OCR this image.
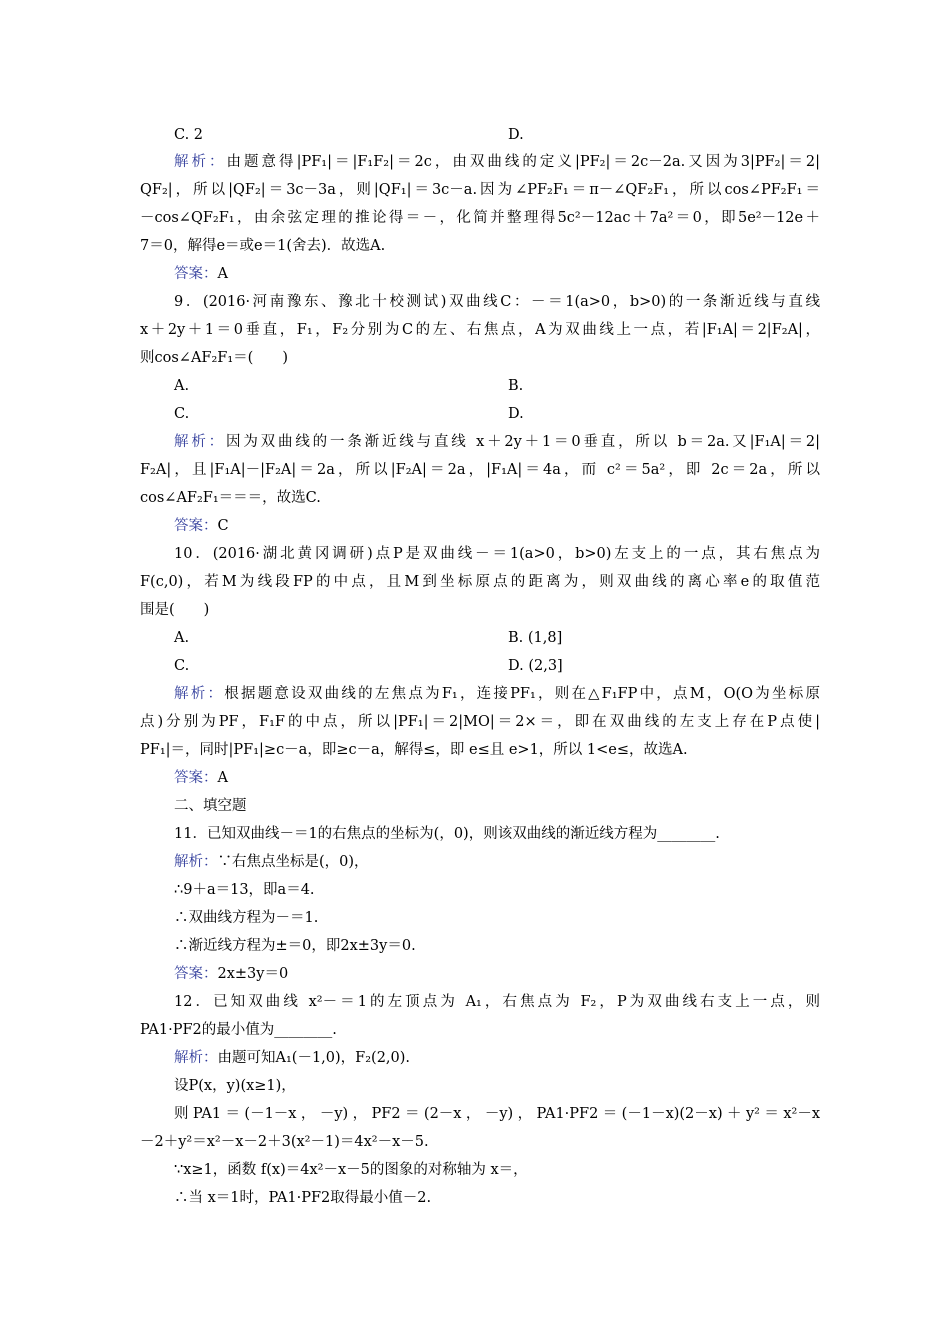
C. 2	D.
解析：由题意得|PF₁|＝|F₁F₂|＝2c，由双曲线的定义|PF₂|＝2c－2a.又因为3|PF₂|＝2|
QF₂|，所以|QF₂|＝3c－3a，则|QF₁|＝3c－a.因为∠PF₂F₁＝π－∠QF₂F₁，所以cos∠PF₂F₁＝
－cos∠QF₂F₁，由余弦定理的推论得＝－，化简并整理得5c²－12ac＋7a²＝0，即5e²－12e＋
7＝0，解得e＝或e＝1(舍去)．故选A.
答案：A
9．(2016·河南豫东、豫北十校测试)双曲线C：－＝1(a>0，b>0)的一条渐近线与直线
x＋2y＋1＝0垂直，F₁，F₂分别为C的左、右焦点，A为双曲线上一点，若|F₁A|＝2|F₂A|，
则cos∠AF₂F₁＝(　　)
A.	B.
C.	D.
解析：因为双曲线的一条渐近线与直线 x＋2y＋1＝0垂直，所以 b＝2a.又|F₁A|＝2|
F₂A|，且|F₁A|－|F₂A|＝2a，所以|F₂A|＝2a，|F₁A|＝4a，而 c²＝5a²，即 2c＝2a，所以
cos∠AF₂F₁＝＝＝，故选C.
答案：C
10．(2016·湖北黄冈调研)点P是双曲线－＝1(a>0，b>0)左支上的一点，其右焦点为
F(c,0)，若M为线段FP的中点，且M到坐标原点的距离为，则双曲线的离心率e的取值范
围是(　　)
A.	B. (1,8]
C.	D. (2,3]
解析：根据题意设双曲线的左焦点为F₁，连接PF₁，则在△F₁FP中，点M，O(O为坐标原
点)分别为PF，F₁F的中点，所以|PF₁|＝2|MO|＝2×＝，即在双曲线的左支上存在P点使|
PF₁|＝，同时|PF₁|≥c－a，即≥c－a，解得≤，即 e≤且 e>1，所以 1<e≤，故选A.
答案：A
二、填空题
11．已知双曲线－＝1的右焦点的坐标为(，0)，则该双曲线的渐近线方程为________.
解析：∵右焦点坐标是(，0)，
∴9＋a＝13，即a＝4.
∴双曲线方程为－＝1.
∴渐近线方程为±＝0，即2x±3y＝0.
答案：2x±3y＝0
12．已知双曲线 x²－＝1的左顶点为 A₁，右焦点为 F₂，P为双曲线右支上一点，则
PA1·PF2的最小值为________.
解析：由题可知A₁(－1,0)，F₂(2,0).
设P(x，y)(x≥1)，
则PA1＝(－1－x，－y)，PF2＝(2－x，－y)，PA1·PF2＝(－1－x)(2－x)＋y²＝x²－x
－2＋y²＝x²－x－2＋3(x²－1)＝4x²－x－5.
∵x≥1，函数 f(x)＝4x²－x－5的图象的对称轴为 x＝，
∴当 x＝1时，PA1·PF2取得最小值－2.
